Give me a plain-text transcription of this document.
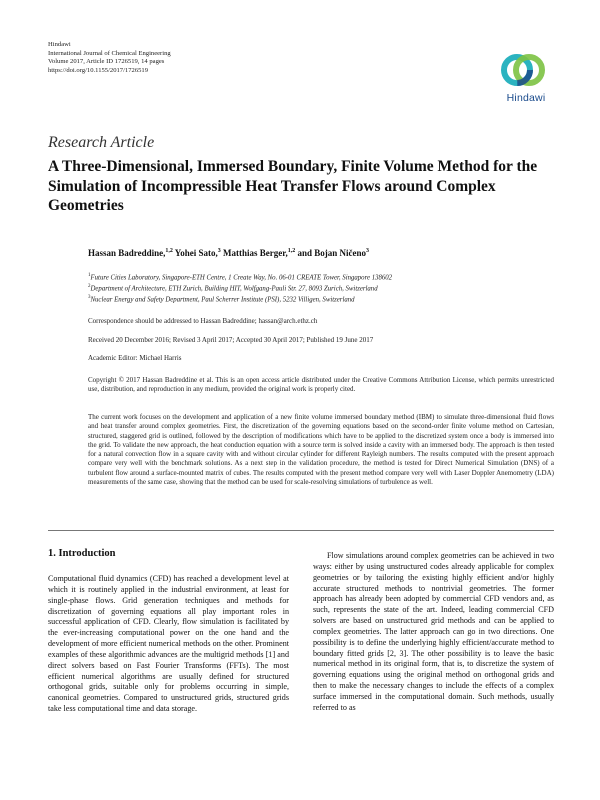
Hindawi
International Journal of Chemical Engineering
Volume 2017, Article ID 1726519, 14 pages
https://doi.org/10.1155/2017/1726519
Hindawi
Research Article
A Three-Dimensional, Immersed Boundary, Finite Volume Method for the Simulation of Incompressible Heat Transfer Flows around Complex Geometries
Hassan Badreddine,$^{1,2}$ Yohei Sato,$^3$ Matthias Berger,$^{1,2}$ and Bojan Ničeno$^3$
$^1$Future Cities Laboratory, Singapore-ETH Centre, 1 Create Way, No. 06-01 CREATE Tower, Singapore 138602
$^2$Department of Architecture, ETH Zurich, Building HIT, Wolfgang-Pauli Str. 27, 8093 Zurich, Switzerland
$^3$Nuclear Energy and Safety Department, Paul Scherrer Institute (PSI), 5232 Villigen, Switzerland
Correspondence should be addressed to Hassan Badreddine; hassan@arch.ethz.ch
Received 20 December 2016; Revised 3 April 2017; Accepted 30 April 2017; Published 19 June 2017
Academic Editor: Michael Harris
Copyright © 2017 Hassan Badreddine et al. This is an open access article distributed under the Creative Commons Attribution License, which permits unrestricted use, distribution, and reproduction in any medium, provided the original work is properly cited.
The current work focuses on the development and application of a new finite volume immersed boundary method (IBM) to simulate three-dimensional fluid flows and heat transfer around complex geometries. First, the discretization of the governing equations based on the second-order finite volume method on Cartesian, structured, staggered grid is outlined, followed by the description of modifications which have to be applied to the discretized system once a body is immersed into the grid. To validate the new approach, the heat conduction equation with a source term is solved inside a cavity with an immersed body. The approach is then tested for a natural convection flow in a square cavity with and without circular cylinder for different Rayleigh numbers. The results computed with the present approach compare very well with the benchmark solutions. As a next step in the validation procedure, the method is tested for Direct Numerical Simulation (DNS) of a turbulent flow around a surface-mounted matrix of cubes. The results computed with the present method compare very well with Laser Doppler Anemometry (LDA) measurements of the same case, showing that the method can be used for scale-resolving simulations of turbulence as well.
1. Introduction

Computational fluid dynamics (CFD) has reached a development level at which it is routinely applied in the industrial environment, at least for single-phase flows. Grid generation techniques and methods for discretization of governing equations all play important roles in successful application of CFD. Clearly, flow simulation is facilitated by the ever-increasing computational power on the one hand and the development of more efficient numerical methods on the other. Prominent examples of these algorithmic advances are the multigrid methods [1] and direct solvers based on Fast Fourier Transforms (FFTs). The most efficient numerical algorithms are usually defined for structured orthogonal grids, suitable only for problems occurring in simple, canonical geometries. Compared to unstructured grids, structured grids take less computational time and data storage.

Flow simulations around complex geometries can be achieved in two ways: either by using unstructured codes already applicable for complex geometries or by tailoring the existing highly efficient and/or highly accurate structured methods to nontrivial geometries. The former approach has already been adopted by commercial CFD vendors and, as such, represents the state of the art. Indeed, leading commercial CFD solvers are based on unstructured grid methods and can be applied to complex geometries. The latter approach can go in two directions. One possibility is to define the underlying highly efficient/accurate method to boundary fitted grids [2, 3]. The other possibility is to leave the basic numerical method in its original form, that is, to discretize the system of governing equations using the original method on orthogonal grids and then to make the necessary changes to include the effects of a complex surface immersed in the computational domain. Such methods, usually referred to as
